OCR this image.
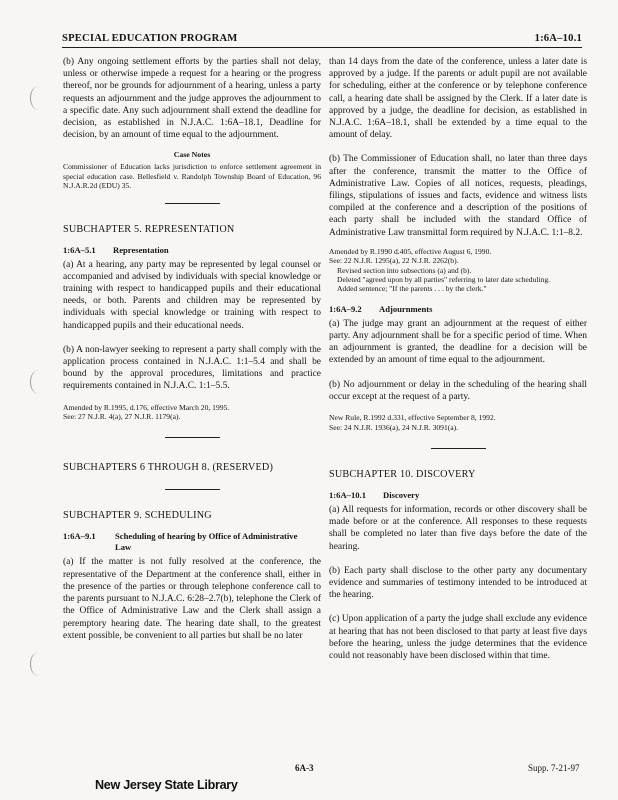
SPECIAL EDUCATION PROGRAM	1:6A–10.1

(b) Any ongoing settlement efforts by the parties shall not delay, unless or otherwise impede a request for a hearing or the progress thereof, nor be grounds for adjournment of a hearing, unless a party requests an adjournment and the judge approves the adjournment to a specific date. Any such adjournment shall extend the deadline for decision, as established in N.J.A.C. 1:6A–18.1, Deadline for decision, by an amount of time equal to the adjournment.

Case Notes

Commissioner of Education lacks jurisdiction to enforce settlement agreement in special education case. Bellesfield v. Randolph Township Board of Education, 96 N.J.A.R.2d (EDU) 35.

SUBCHAPTER 5. REPRESENTATION
1:6A–5.1 Representation

(a) At a hearing, any party may be represented by legal counsel or accompanied and advised by individuals with special knowledge or training with respect to handicapped pupils and their educational needs, or both. Parents and children may be represented by individuals with special knowledge or training with respect to handicapped pupils and their educational needs.

(b) A non-lawyer seeking to represent a party shall comply with the application process contained in N.J.A.C. 1:1–5.4 and shall be bound by the approval procedures, limitations and practice requirements contained in N.J.A.C. 1:1–5.5.

Amended by R.1995, d.176, effective March 20, 1995.

See: 27 N.J.R. 4(a), 27 N.J.R. 1179(a).

SUBCHAPTERS 6 THROUGH 8. (RESERVED)
SUBCHAPTER 9. SCHEDULING
1:6A–9.1 Scheduling of hearing by Office of Administrative
Law

(a) If the matter is not fully resolved at the conference, the representative of the Department at the conference shall, either in the presence of the parties or through telephone conference call to the parents pursuant to N.J.A.C. 6:28–2.7(b), telephone the Clerk of the Office of Administrative Law and the Clerk shall assign a peremptory hearing date. The hearing date shall, to the greatest extent possible, be convenient to all parties but shall be no later

than 14 days from the date of the conference, unless a later date is approved by a judge. If the parents or adult pupil are not available for scheduling, either at the conference or by telephone conference call, a hearing date shall be assigned by the Clerk. If a later date is approved by a judge, the deadline for decision, as established in N.J.A.C. 1:6A–18.1, shall be extended by a time equal to the amount of delay.

(b) The Commissioner of Education shall, no later than three days after the conference, transmit the matter to the Office of Administrative Law. Copies of all notices, requests, pleadings, filings, stipulations of issues and facts, evidence and witness lists compiled at the conference and a description of the positions of each party shall be included with the standard Office of Administrative Law transmittal form required by N.J.A.C. 1:1–8.2.

Amended by R.1990 d.405, effective August 6, 1990.

See: 22 N.J.R. 1295(a), 22 N.J.R. 2262(b).

Revised section into subsections (a) and (b).

Deleted "agreed upon by all parties" referring to later date scheduling.

Added sentence; "If the parents . . . by the clerk."

1:6A–9.2 Adjournments

(a) The judge may grant an adjournment at the request of either party. Any adjournment shall be for a specific period of time. When an adjournment is granted, the deadline for a decision will be extended by an amount of time equal to the adjournment.

(b) No adjournment or delay in the scheduling of the hearing shall occur except at the request of a party.

New Rule, R.1992 d.331, effective September 8, 1992.

See: 24 N.J.R. 1936(a), 24 N.J.R. 3091(a).

SUBCHAPTER 10. DISCOVERY
1:6A–10.1 Discovery

(a) All requests for information, records or other discovery shall be made before or at the conference. All responses to these requests shall be completed no later than five days before the date of the hearing.

(b) Each party shall disclose to the other party any documentary evidence and summaries of testimony intended to be introduced at the hearing.

(c) Upon application of a party the judge shall exclude any evidence at hearing that has not been disclosed to that party at least five days before the hearing, unless the judge determines that the evidence could not reasonably have been disclosed within that time.

6A-3	Supp. 7-21-97
New Jersey State Library
